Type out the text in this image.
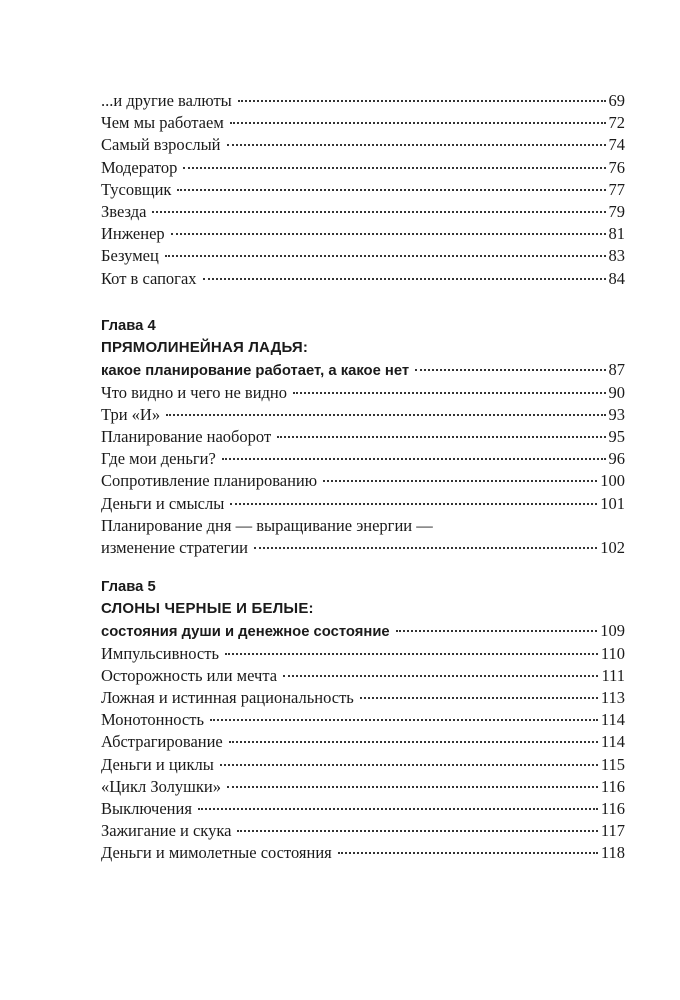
...и другие валюты	69
Чем мы работаем	72
Самый взрослый	74
Модератор	76
Тусовщик	77
Звезда	79
Инженер	81
Безумец	83
Кот в сапогах	84
Глава 4
ПРЯМОЛИНЕЙНАЯ ЛАДЬЯ:
какое планирование работает, а какое нет	87
Что видно и чего не видно	90
Три «И»	93
Планирование наоборот	95
Где мои деньги?	96
Сопротивление планированию	100
Деньги и смыслы	101
Планирование дня — выращивание энергии —
изменение стратегии	102
Глава 5
СЛОНЫ ЧЕРНЫЕ И БЕЛЫЕ:
состояния души и денежное состояние	109
Импульсивность	110
Осторожность или мечта	111
Ложная и истинная рациональность	113
Монотонность	114
Абстрагирование	114
Деньги и циклы	115
«Цикл Золушки»	116
Выключения	116
Зажигание и скука	117
Деньги и мимолетные состояния	118
